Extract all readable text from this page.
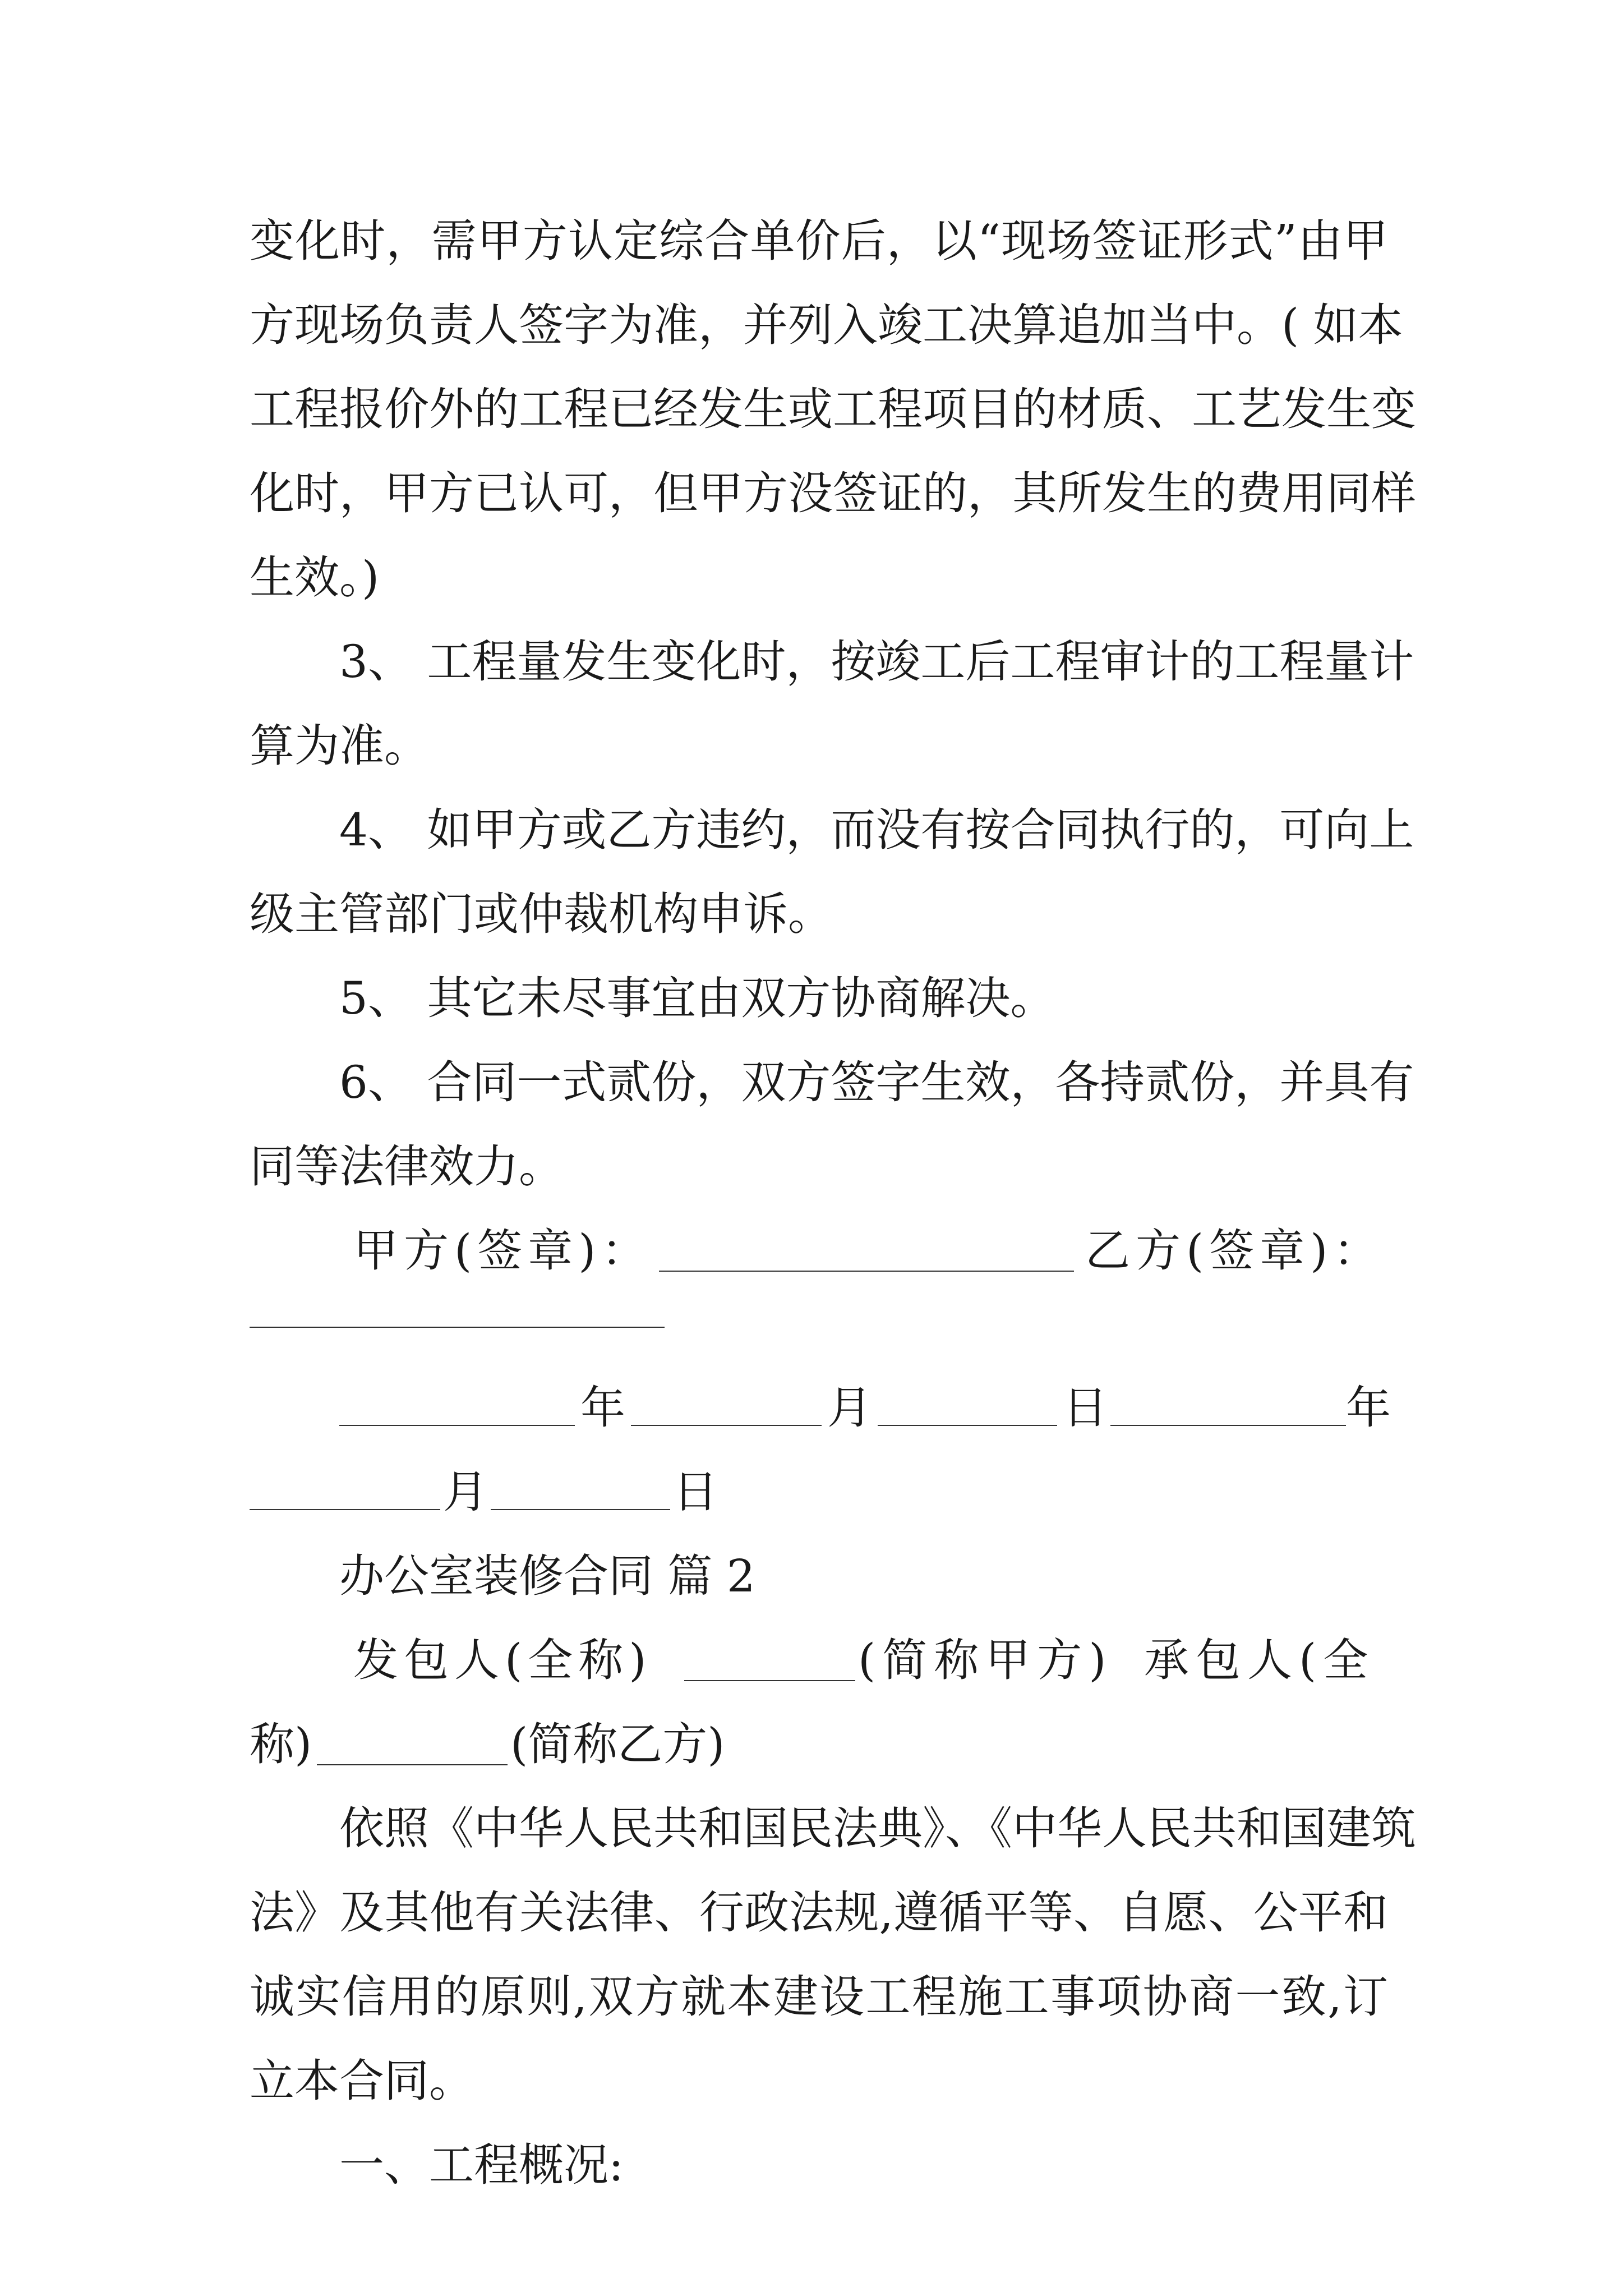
变化时，需甲方认定综合单价后，以“现场签证形式”由甲
方现场负责人签字为准，并列入竣工决算追加当中。( 如本
工程报价外的工程已经发生或工程项目的材质、工艺发生变
化时，甲方已认可，但甲方没签证的，其所发生的费用同样
生效。)
3、 工程量发生变化时，按竣工后工程审计的工程量计
算为准。
4、 如甲方或乙方违约，而没有按合同执行的，可向上
级主管部门或仲裁机构申诉。
5、 其它未尽事宜由双方协商解决。
6、 合同一式贰份，双方签字生效，各持贰份，并具有
同等法律效力。
甲方(签章)：	乙方(签章)：
年	月	日	年
月	日
办公室装修合同 篇 2
发包人(全称)	(简称甲方) 承包人(全
称)	(简称乙方)
依照《中华人民共和国民法典》、《中华人民共和国建筑
法》及其他有关法律、行政法规,遵循平等、自愿、公平和
诚实信用的原则,双方就本建设工程施工事项协商一致,订
立本合同。
一、工程概况:
